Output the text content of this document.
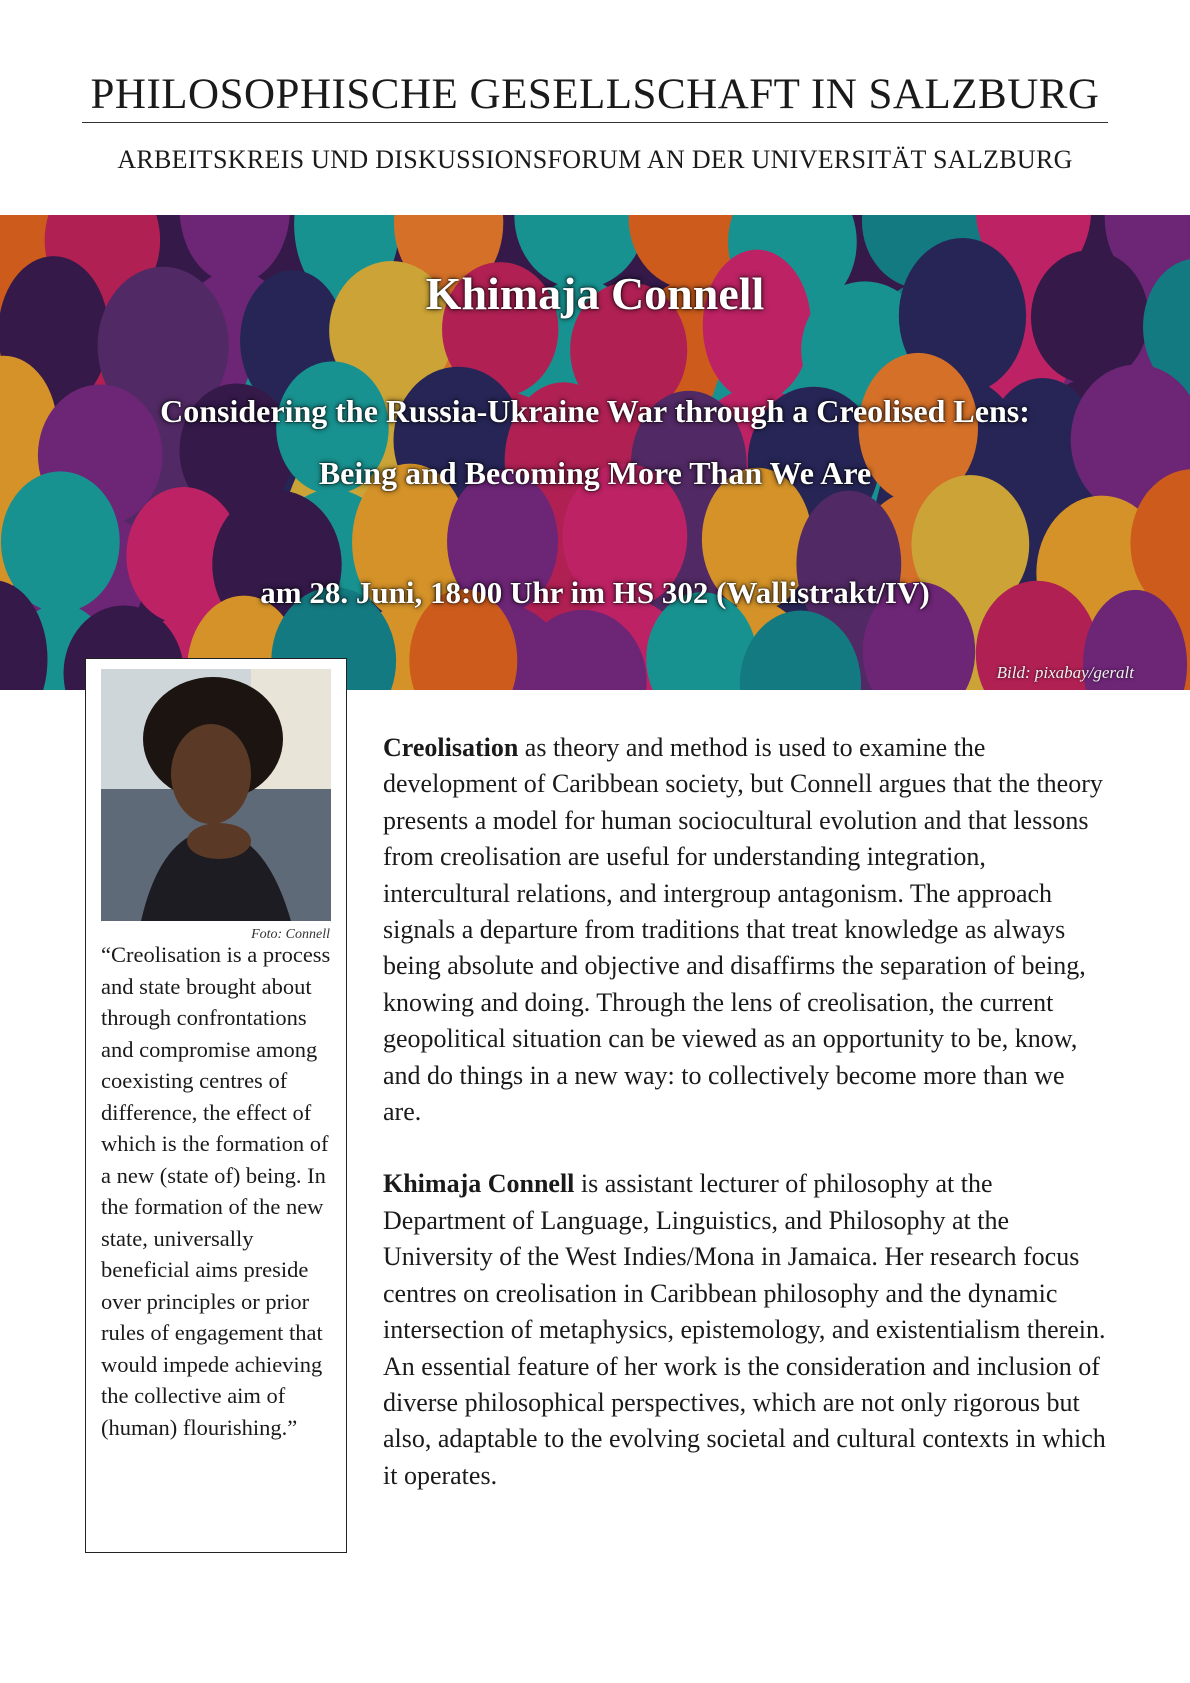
PHILOSOPHISCHE GESELLSCHAFT IN SALZBURG
ARBEITSKREIS UND DISKUSSIONSFORUM AN DER UNIVERSITÄT SALZBURG
Khimaja Connell
Considering the Russia-Ukraine War through a Creolised Lens:
Being and Becoming More Than We Are
am 28. Juni, 18:00 Uhr im HS 302 (Wallistrakt/IV)
Bild: pixabay/geralt
Foto: Connell
“Creolisation is a process and state brought about through confrontations and compromise among coexisting centres of difference, the effect of which is the formation of a new (state of) being. In the formation of the new state, universally beneficial aims preside over principles or prior rules of engagement that would impede achieving the collective aim of (human) flourishing.”

Creolisation as theory and method is used to examine the development of Caribbean society, but Connell argues that the theory presents a model for human sociocultural evolution and that lessons from creolisation are useful for understanding integration, intercultural relations, and intergroup antagonism. The approach signals a departure from traditions that treat knowledge as always being absolute and objective and disaffirms the separation of being, knowing and doing. Through the lens of creolisation, the current geopolitical situation can be viewed as an opportunity to be, know, and do things in a new way: to collectively become more than we are.

Khimaja Connell is assistant lecturer of philosophy at the Department of Language, Linguistics, and Philosophy at the University of the West Indies/Mona in Jamaica. Her research focus centres on creolisation in Caribbean philosophy and the dynamic intersection of metaphysics, epistemology, and existentialism therein. An essential feature of her work is the consideration and inclusion of diverse philosophical perspectives, which are not only rigorous but also, adaptable to the evolving societal and cultural contexts in which it operates.
